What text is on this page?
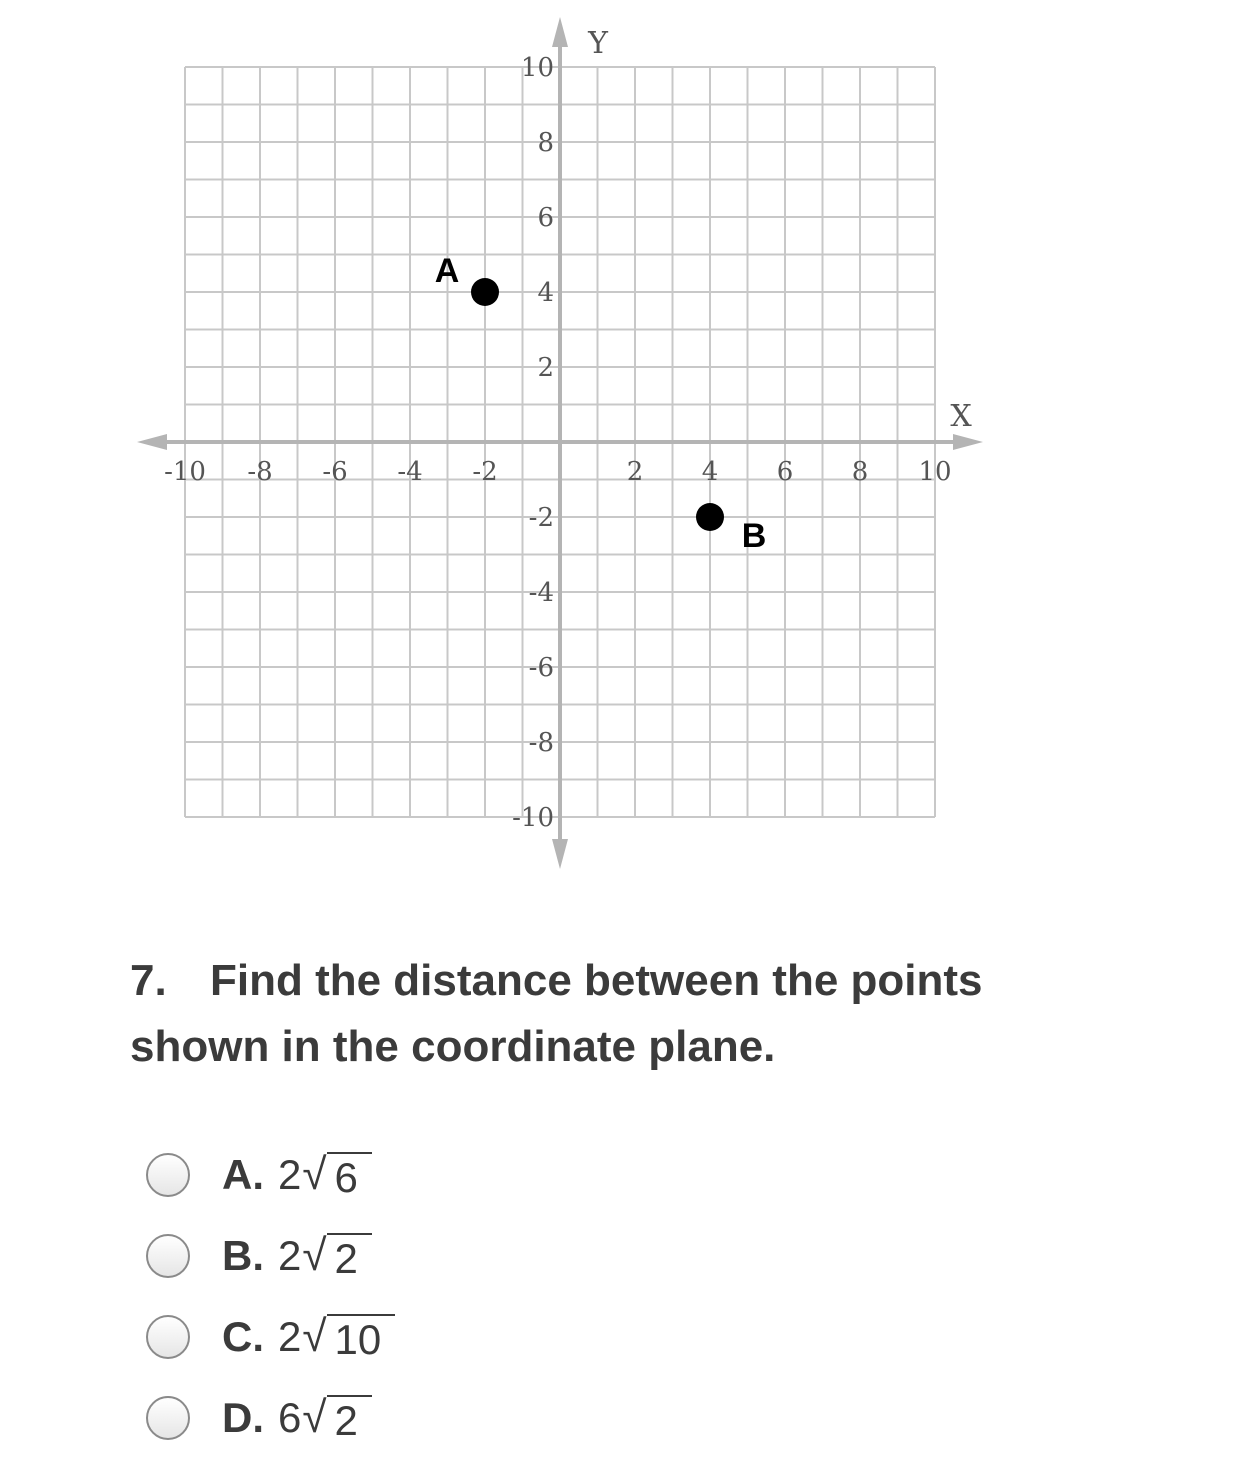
X
Y
-10 -8 -6 -4 -2	2 4 6 8 10
10
8
6
4
2
-2
-4
-6
-8
-10
A
B

7. Find the distance between the points
shown in the coordinate plane.

A. 2 √ 6
B. 2 √ 2
C. 2 √ 10
D. 6 √ 2
